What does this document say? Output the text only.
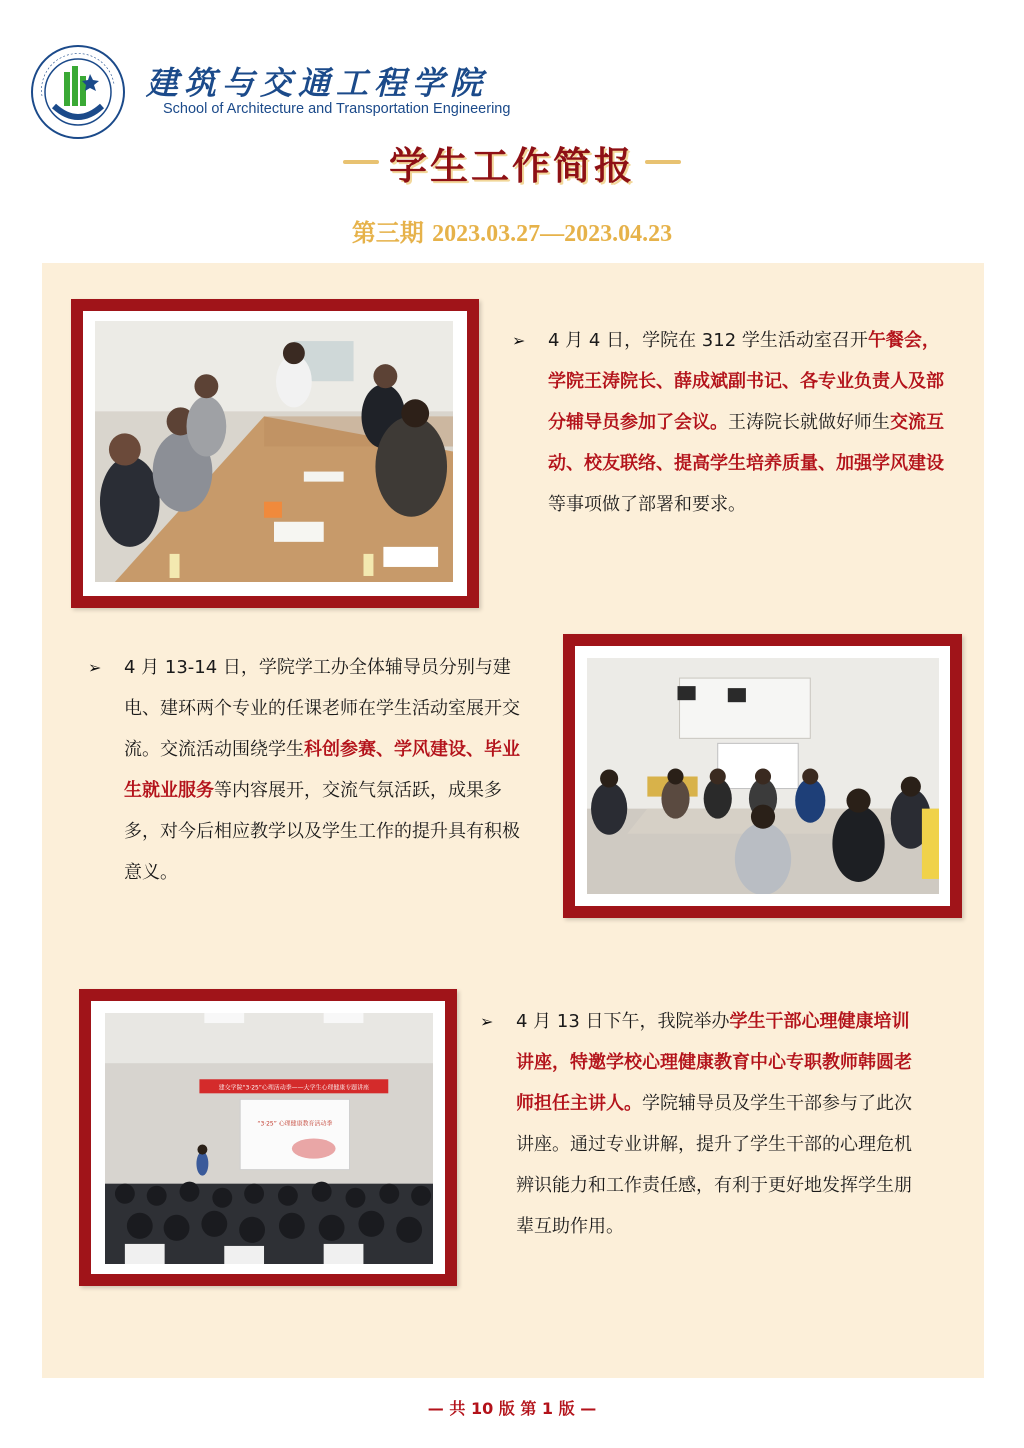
建筑与交通工程学院
School of Architecture and Transportation Engineering
学生工作简报
第三期 2023.03.27—2023.04.23
➢ 4 月 4 日，学院在 312 学生活动室召开午餐会，学院王涛院长、薛成斌副书记、各专业负责人及部分辅导员参加了会议。王涛院长就做好师生交流互动、校友联络、提高学生培养质量、加强学风建设等事项做了部署和要求。
➢ 4 月 13-14 日，学院学工办全体辅导员分别与建电、建环两个专业的任课老师在学生活动室展开交流。交流活动围绕学生科创参赛、学风建设、毕业生就业服务等内容展开，交流气氛活跃，成果多多，对今后相应教学以及学生工作的提升具有积极意义。
建交学院“3·25”心理活动季——大学生心理健康专题讲座
“3·25” 心理健康教育活动季
➢ 4 月 13 日下午，我院举办学生干部心理健康培训讲座，特邀学校心理健康教育中心专职教师韩圆老师担任主讲人。学院辅导员及学生干部参与了此次讲座。通过专业讲解，提升了学生干部的心理危机辨识能力和工作责任感，有利于更好地发挥学生朋辈互助作用。
— 共 10 版 第 1 版 —
